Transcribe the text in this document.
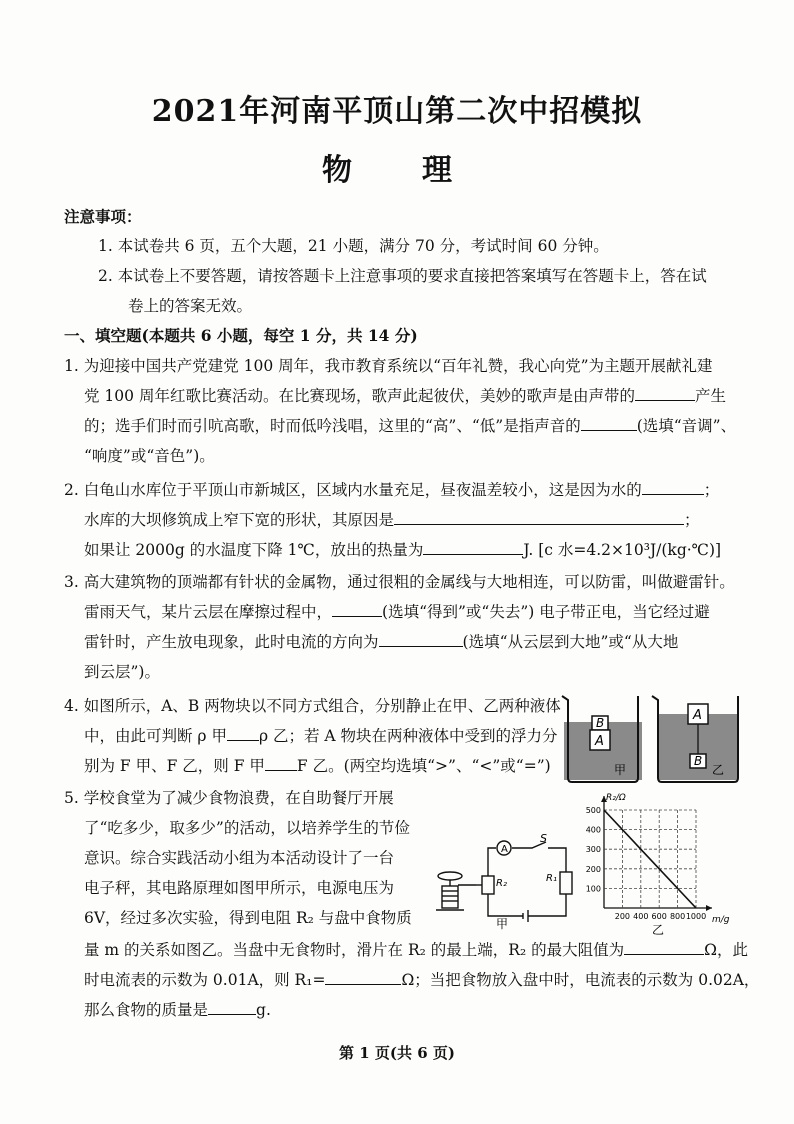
2021年河南平顶山第二次中招模拟
物　理
注意事项：
1. 本试卷共 6 页，五个大题，21 小题，满分 70 分，考试时间 60 分钟。
2. 本试卷上不要答题，请按答题卡上注意事项的要求直接把答案填写在答题卡上，答在试
卷上的答案无效。
一、填空题(本题共 6 小题，每空 1 分，共 14 分)
1. 为迎接中国共产党建党 100 周年，我市教育系统以“百年礼赞，我心向党”为主题开展献礼建
党 100 周年红歌比赛活动。在比赛现场，歌声此起彼伏，美妙的歌声是由声带的	产生
的；选手们时而引吭高歌，时而低吟浅唱，这里的“高”、“低”是指声音的	(选填“音调”、
“响度”或“音色”)。
2. 白龟山水库位于平顶山市新城区，区域内水量充足，昼夜温差较小，这是因为水的	；
水库的大坝修筑成上窄下宽的形状，其原因是	；
如果让 2000g 的水温度下降 1℃，放出的热量为	J. [c 水=4.2×10³J/(kg·℃)]
3. 高大建筑物的顶端都有针状的金属物，通过很粗的金属线与大地相连，可以防雷，叫做避雷针。
雷雨天气，某片云层在摩擦过程中，	(选填“得到”或“失去”) 电子带正电，当它经过避
雷针时，产生放电现象，此时电流的方向为	(选填“从云层到大地”或“从大地
到云层”)。
4. 如图所示，A、B 两物块以不同方式组合，分别静止在甲、乙两种液体
中，由此可判断 ρ 甲 ρ 乙；若 A 物块在两种液体中受到的浮力分
别为 F 甲、F 乙，则 F 甲 F 乙。(两空均选填“>”、“<”或“=”)
B
A
甲
A
B
乙
5. 学校食堂为了减少食物浪费，在自助餐厅开展
了“吃多少，取多少”的活动，以培养学生的节俭
意识。综合实践活动小组为本活动设计了一台
电子秤，其电路原理如图甲所示，电源电压为
6V，经过多次实验，得到电阻 R₂ 与盘中食物质
量 m 的关系如图乙。当盘中无食物时，滑片在 R₂ 的最上端，R₂ 的最大阻值为	Ω，此
时电流表的示数为 0.01A，则 R₁=	Ω；当把食物放入盘中时，电流表的示数为 0.02A，
那么食物的质量是	g.
A
S
R₂	R₁
甲
200 400 600 800 1000
100
200
300
400
500
R₂/Ω
m/g
乙
第 1 页(共 6 页)
